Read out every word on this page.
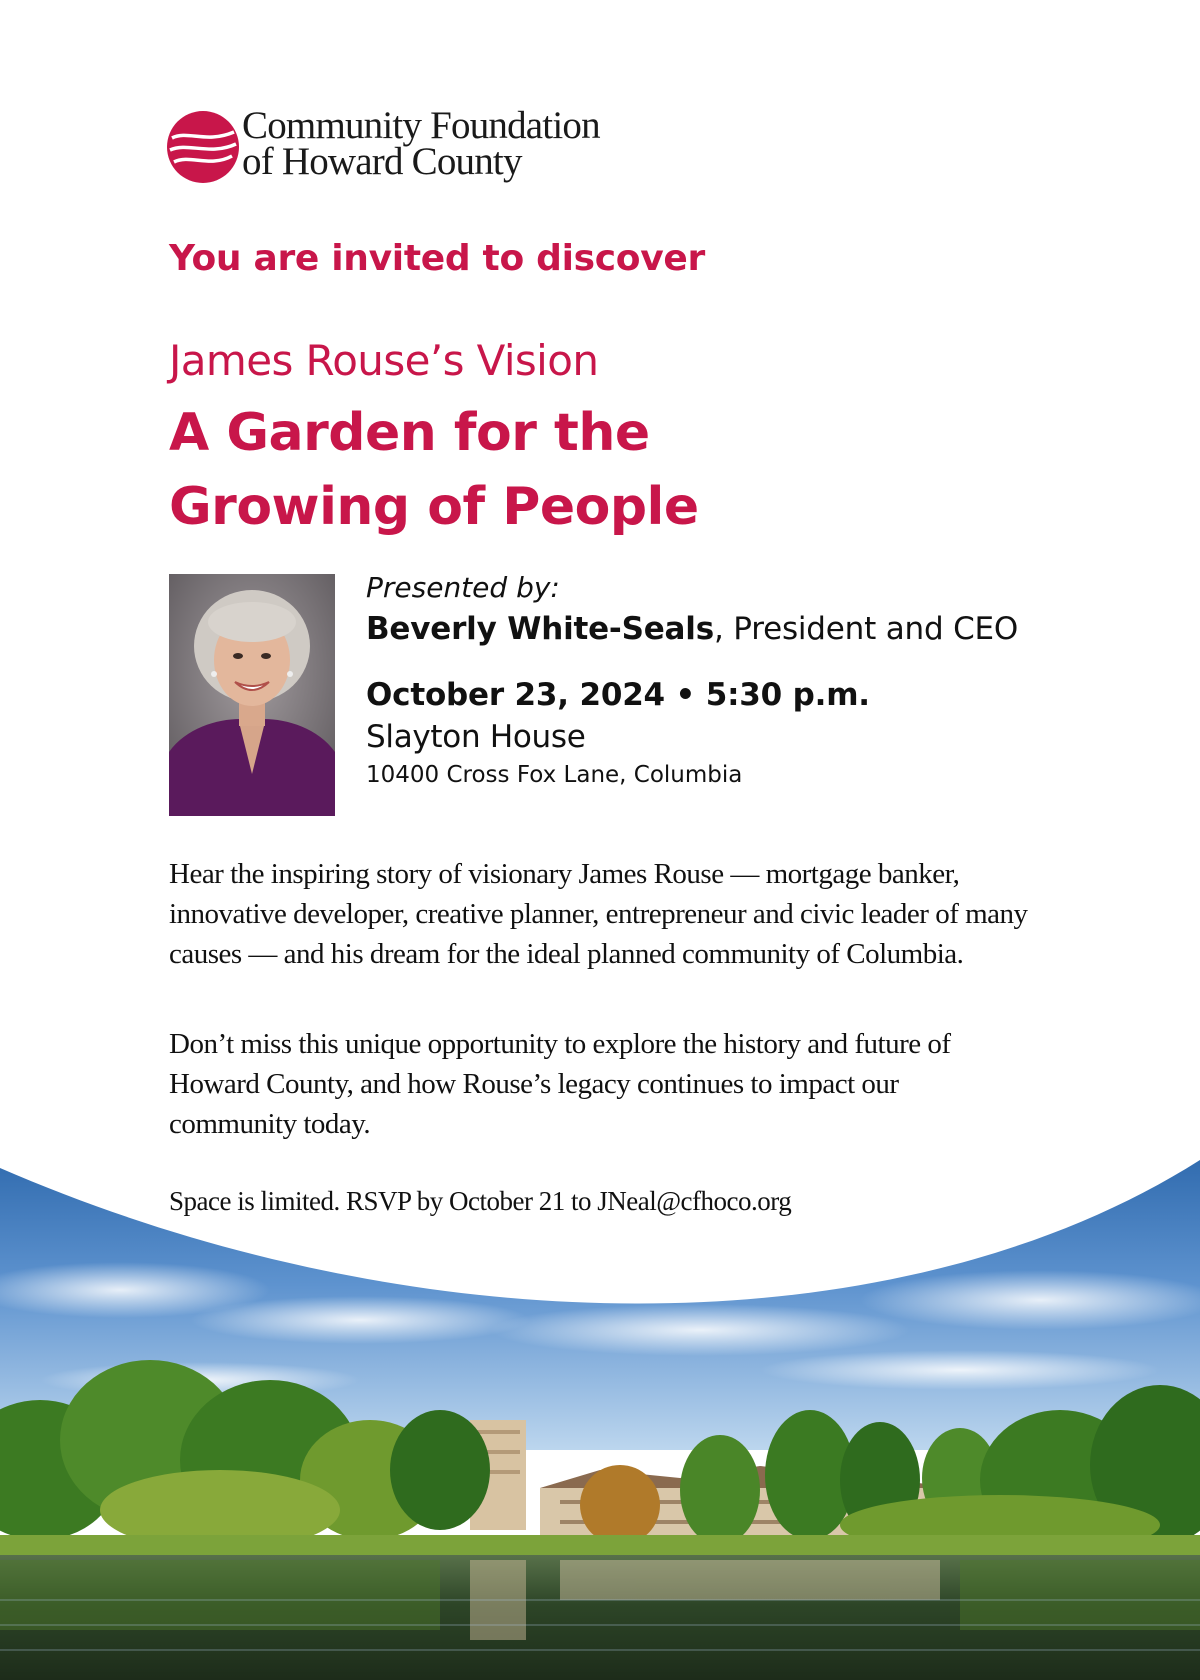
Community Foundation
of Howard County
You are invited to discover
James Rouse’s Vision
A Garden for the
Growing of People
Presented by:
Beverly White-Seals, President and CEO
October 23, 2024 • 5:30 p.m.
Slayton House
10400 Cross Fox Lane, Columbia
Hear the inspiring story of visionary James Rouse — mortgage banker, innovative developer, creative planner, entrepreneur and civic leader of many causes — and his dream for the ideal planned community of Columbia.
Don’t miss this unique opportunity to explore the history and future of Howard County, and how Rouse’s legacy continues to impact our community today.
Space is limited. RSVP by October 21 to JNeal@cfhoco.org
